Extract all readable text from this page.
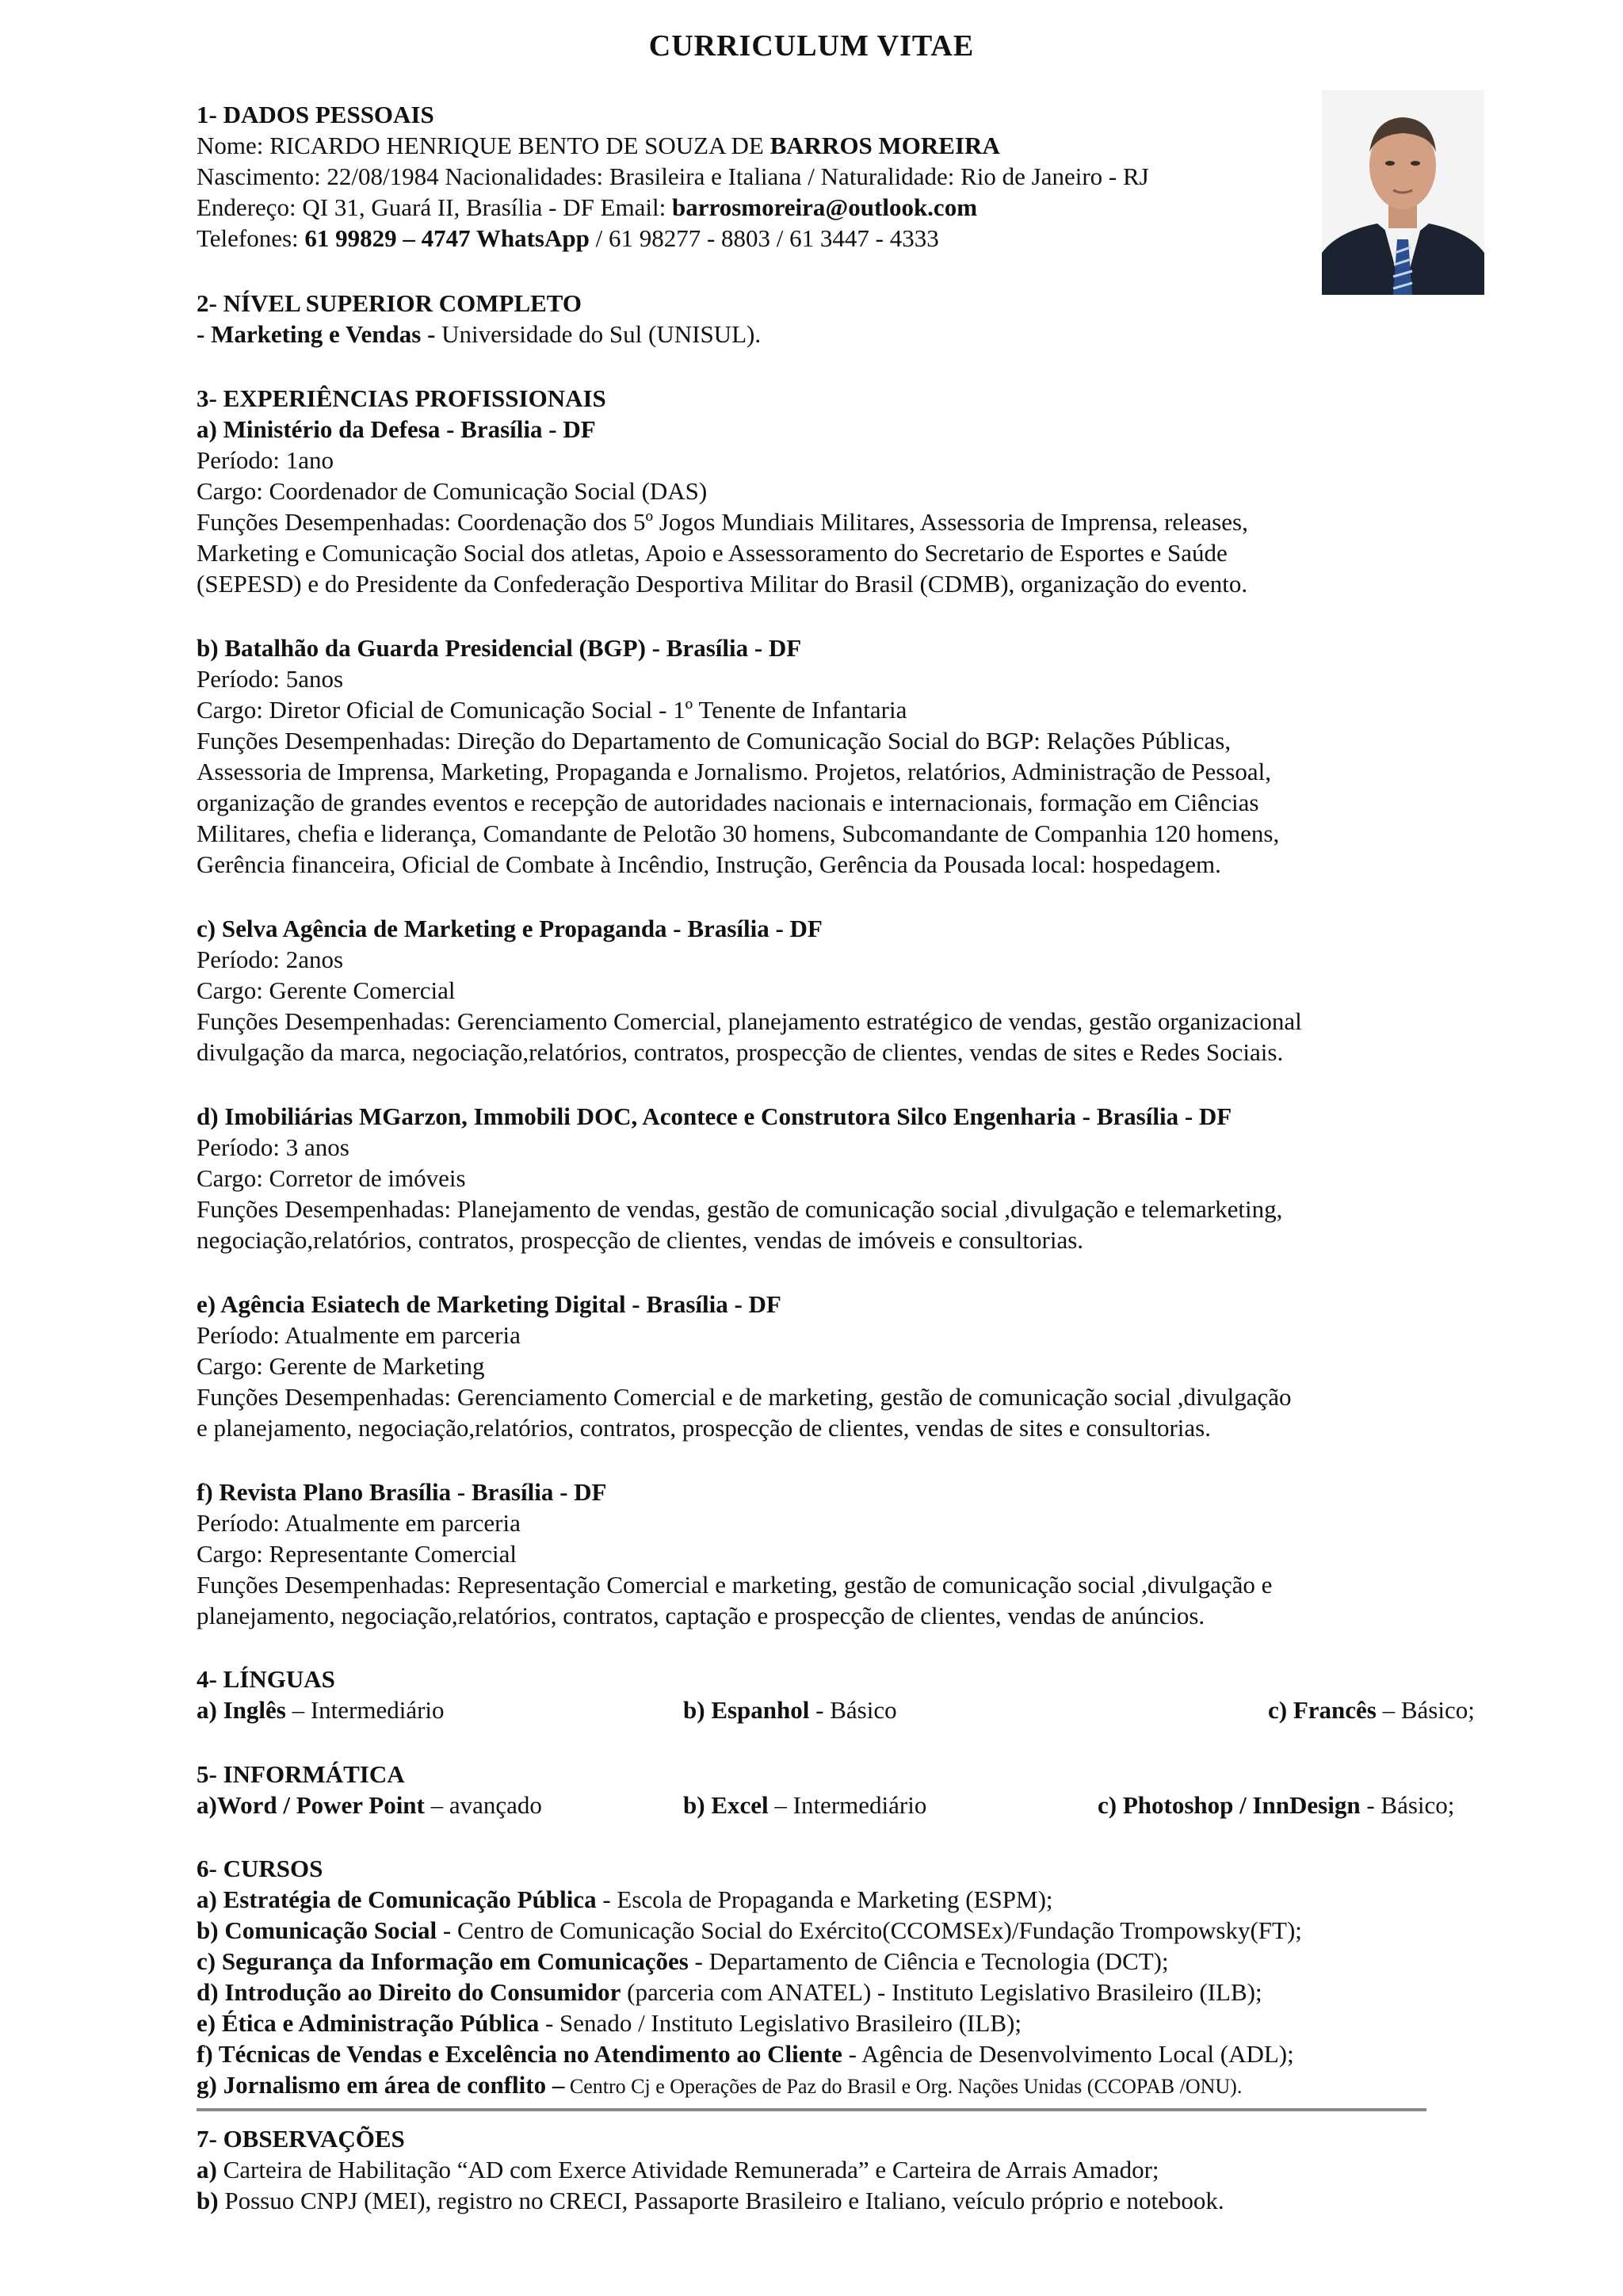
CURRICULUM VITAE
1- DADOS PESSOAIS
Nome: RICARDO HENRIQUE BENTO DE SOUZA DE BARROS MOREIRA
Nascimento: 22/08/1984 Nacionalidades: Brasileira e Italiana / Naturalidade: Rio de Janeiro - RJ
Endereço: QI 31, Guará II, Brasília - DF Email: barrosmoreira@outlook.com
Telefones: 61 99829 – 4747 WhatsApp / 61 98277 - 8803 / 61 3447 - 4333
2- NÍVEL SUPERIOR COMPLETO
- Marketing e Vendas - Universidade do Sul (UNISUL).
3- EXPERIÊNCIAS PROFISSIONAIS
a) Ministério da Defesa - Brasília - DF
Período: 1ano
Cargo: Coordenador de Comunicação Social (DAS)
Funções Desempenhadas: Coordenação dos 5º Jogos Mundiais Militares, Assessoria de Imprensa, releases,
Marketing e Comunicação Social dos atletas, Apoio e Assessoramento do Secretario de Esportes e Saúde
(SEPESD) e do Presidente da Confederação Desportiva Militar do Brasil (CDMB), organização do evento.
b) Batalhão da Guarda Presidencial (BGP) - Brasília - DF
Período: 5anos
Cargo: Diretor Oficial de Comunicação Social - 1º Tenente de Infantaria
Funções Desempenhadas: Direção do Departamento de Comunicação Social do BGP: Relações Públicas,
Assessoria de Imprensa, Marketing, Propaganda e Jornalismo. Projetos, relatórios, Administração de Pessoal,
organização de grandes eventos e recepção de autoridades nacionais e internacionais, formação em Ciências
Militares, chefia e liderança, Comandante de Pelotão 30 homens, Subcomandante de Companhia 120 homens,
Gerência financeira, Oficial de Combate à Incêndio, Instrução, Gerência da Pousada local: hospedagem.
c) Selva Agência de Marketing e Propaganda - Brasília - DF
Período: 2anos
Cargo: Gerente Comercial
Funções Desempenhadas: Gerenciamento Comercial, planejamento estratégico de vendas, gestão organizacional
divulgação da marca, negociação,relatórios, contratos, prospecção de clientes, vendas de sites e Redes Sociais.
d) Imobiliárias MGarzon, Immobili DOC, Acontece e Construtora Silco Engenharia - Brasília - DF
Período: 3 anos
Cargo: Corretor de imóveis
Funções Desempenhadas: Planejamento de vendas, gestão de comunicação social ,divulgação e telemarketing,
negociação,relatórios, contratos, prospecção de clientes, vendas de imóveis e consultorias.
e) Agência Esiatech de Marketing Digital - Brasília - DF
Período: Atualmente em parceria
Cargo: Gerente de Marketing
Funções Desempenhadas: Gerenciamento Comercial e de marketing, gestão de comunicação social ,divulgação
e planejamento, negociação,relatórios, contratos, prospecção de clientes, vendas de sites e consultorias.
f) Revista Plano Brasília - Brasília - DF
Período: Atualmente em parceria
Cargo: Representante Comercial
Funções Desempenhadas: Representação Comercial e marketing, gestão de comunicação social ,divulgação e
planejamento, negociação,relatórios, contratos, captação e prospecção de clientes, vendas de anúncios.
4- LÍNGUAS
a) Inglês – Intermediário	b) Espanhol - Básico	c) Francês – Básico;
5- INFORMÁTICA
a)Word / Power Point – avançado	b) Excel – Intermediário	c) Photoshop / InnDesign - Básico;
6- CURSOS
a) Estratégia de Comunicação Pública - Escola de Propaganda e Marketing (ESPM);
b) Comunicação Social - Centro de Comunicação Social do Exército(CCOMSEx)/Fundação Trompowsky(FT);
c) Segurança da Informação em Comunicações - Departamento de Ciência e Tecnologia (DCT);
d) Introdução ao Direito do Consumidor (parceria com ANATEL) - Instituto Legislativo Brasileiro (ILB);
e) Ética e Administração Pública - Senado / Instituto Legislativo Brasileiro (ILB);
f) Técnicas de Vendas e Excelência no Atendimento ao Cliente - Agência de Desenvolvimento Local (ADL);
g) Jornalismo em área de conflito – Centro Cj e Operações de Paz do Brasil e Org. Nações Unidas (CCOPAB /ONU).
7- OBSERVAÇÕES
a) Carteira de Habilitação “AD com Exerce Atividade Remunerada” e Carteira de Arrais Amador;
b) Possuo CNPJ (MEI), registro no CRECI, Passaporte Brasileiro e Italiano, veículo próprio e notebook.
